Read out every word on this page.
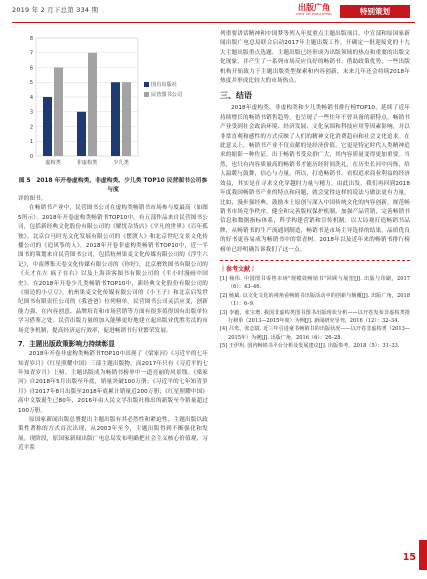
2019 年 2 月下总第 334 期	出版广角
VIEW ON PUBLISHING	特别策划
0
1
2
3
4
5
6
7
8
虚构类	非虚构类	少儿类
国有出版社
民营图书公司
图 5　2018 年开卷虚构类、非虚构类、少儿类 TOP10 民营图书公司参与度

评的图书。

在畅销书产业中，民营图书公司在虚构类畅销书市场参与度最高（如图5所示）。2018年开卷虚构类畅销书TOP10中，有五部作品来自民营图书公司，包括新经典文化股份有限公司的《解忧杂货店》《平凡的世界》《百年孤独》，北京白马时光文化发展有限公司的《摆渡人》和北京世纪文景文化传播公司的《追风筝的人》。2018年开卷非虚构类畅销书TOP10中，近一半图书的策划来自民营图书公司，包括杭州果麦文化传媒有限公司的《浮生六记》，中南博集天卷文化传媒有限公司的《你好》，北京磨铁图书有限公司的《天才在左 疯子在右》以及上海读客图书有限公司的《半小时漫画中国史》。在2018年开卷少儿类畅销书TOP10中，新经典文化股份有限公司的《窗边的小豆豆》，杭州果麦文化传媒有限公司的《小王子》和北京启发世纪图书有限责任公司的《我爸爸》位列榜单。民营图书公司灵活应变，创新能力强，在内容创意、品牌培育和市场营销等方面有很多值得国有出版单位学习借鉴之处。民营出版力量的加入能够更好地建立起出版业优胜劣汰的市场竞争机制，提高经济运行效率，促进畅销书行业繁荣发展。

7．主题出版政策影响力持续彰显

2018年开卷非虚构类畅销书TOP10中出现了《梁家河》《习近平的七年知青岁月》《红星照耀中国》三部主题出版物，而2017年只有《习近平的七年知青岁月》上榜。主题出版成为畅销书榜单中一道亮丽的风景线。《梁家河》自2018年5月出版至年底，销量突破100万册；《习近平的七年知青岁月》自2017年8月出版至2018年底累计销量近200万册；《红星照耀中国》高中文版诞生已80年，2016年由人民文学出版社推出的新版至今销量超过100万册。

原国家新闻出版总署提出主题出版有其必然性和紧迫性，主题出版以政策性著称的方式首次出现，从2003年至今，主题出版得到不断强化和发展。现阶段，原国家新闻出版广电总局发布明确把社会主义核心价值观、习近平系

列重要讲话精神和中国梦等列入年度重点主题出版项目。中宣部和原国家新闻出版广电总局联合启动2017年主题出版工作，开确定一批迎接党的十九大主题出版重点选题。主题出版已经形成为出版领域的热点和重要的出版文化现象，并产生了一系列市场反应良好的畅销书。借助政策优势，一些出版机构开始致力于主题出版类型探索和内容创新，未来几年还会持续2018年热度并形成比较大的市场热点。

三、结语

2018年虚构类、非虚构类和少儿类畅销书排行榜TOP10，延续了近年持续增长的畅销书销售趋势，也呈现了一些往年不曾具备的新特点。畅销书产业受到社会政治环境、经济发展、文化氛围和科技应用等因素影响，并以非常直观和感性的方式反映了人们的精神文化消费趋向和社会文化追求。在此意义上，畅销书产业不仅贡献的是经济价值，它更是特定时代人类精神追求的缩影一种佐证。出于畅销书受众群广大，其内容质量变得更加重要。当然，也只有内容质量高的畅销书才能历经时间洗礼，在历史长河中闪烁，给人温暖与鼓舞，信心与力量。所以，打造畅销书，看似追求商业利益的经济效益，其实是在寻求文化穿越时力量与精力。由此出发，我们再回到2018年度我国畅销书产业的特点和问题，就会觉得这样的说法与做法更有力量。比如，漫步强经典，鼓励本土原创与深入中国传统文化的内容创新，规范畅销书市场竞争秩序，健全和完善版权保护机制，加强产品营销，完善畅销书信息和数据指标体系，科学构建营销和宣传机制，以大局观打造畅销书品牌，从畅销书的生产流通到制造，畅销书是市场主导选择的结果，品质优良的好书更容易成为畅销书中的常青树。2018年以及近年来的畅销书排行榜榜单已经明确告诉我们了这一点。

｜参考文献｜
[1] 杨伟. 中国图书零售市场"规模效畅销书"回顾与展望[J]. 出版与印刷，2017（6）：43–46.
[2] 杨斌. 以文化文化的视角看畅销书出版活动中的创新与颠覆[J]. 出版广角，2018（1）：6–9.
[3] 李毅，张宝增. 我国非虚构类图书图书出版现状分析——以开卷发布非虚构类排行榜单（2013—2015年度）为例[J]. 新闻研究导刊，2016（12）：32–34.
[4] 吕鸾，张志镜. 近三年引进童书畅销书的出版状况——以开卷非虚构类（2013—2015年）为例[J]. 出版广角，2016（6）：26–28.
[5] 王伊玥. 国内畅销书平台分析及发展建议[J]. 出版参考，2018（5）：31–33.
15
